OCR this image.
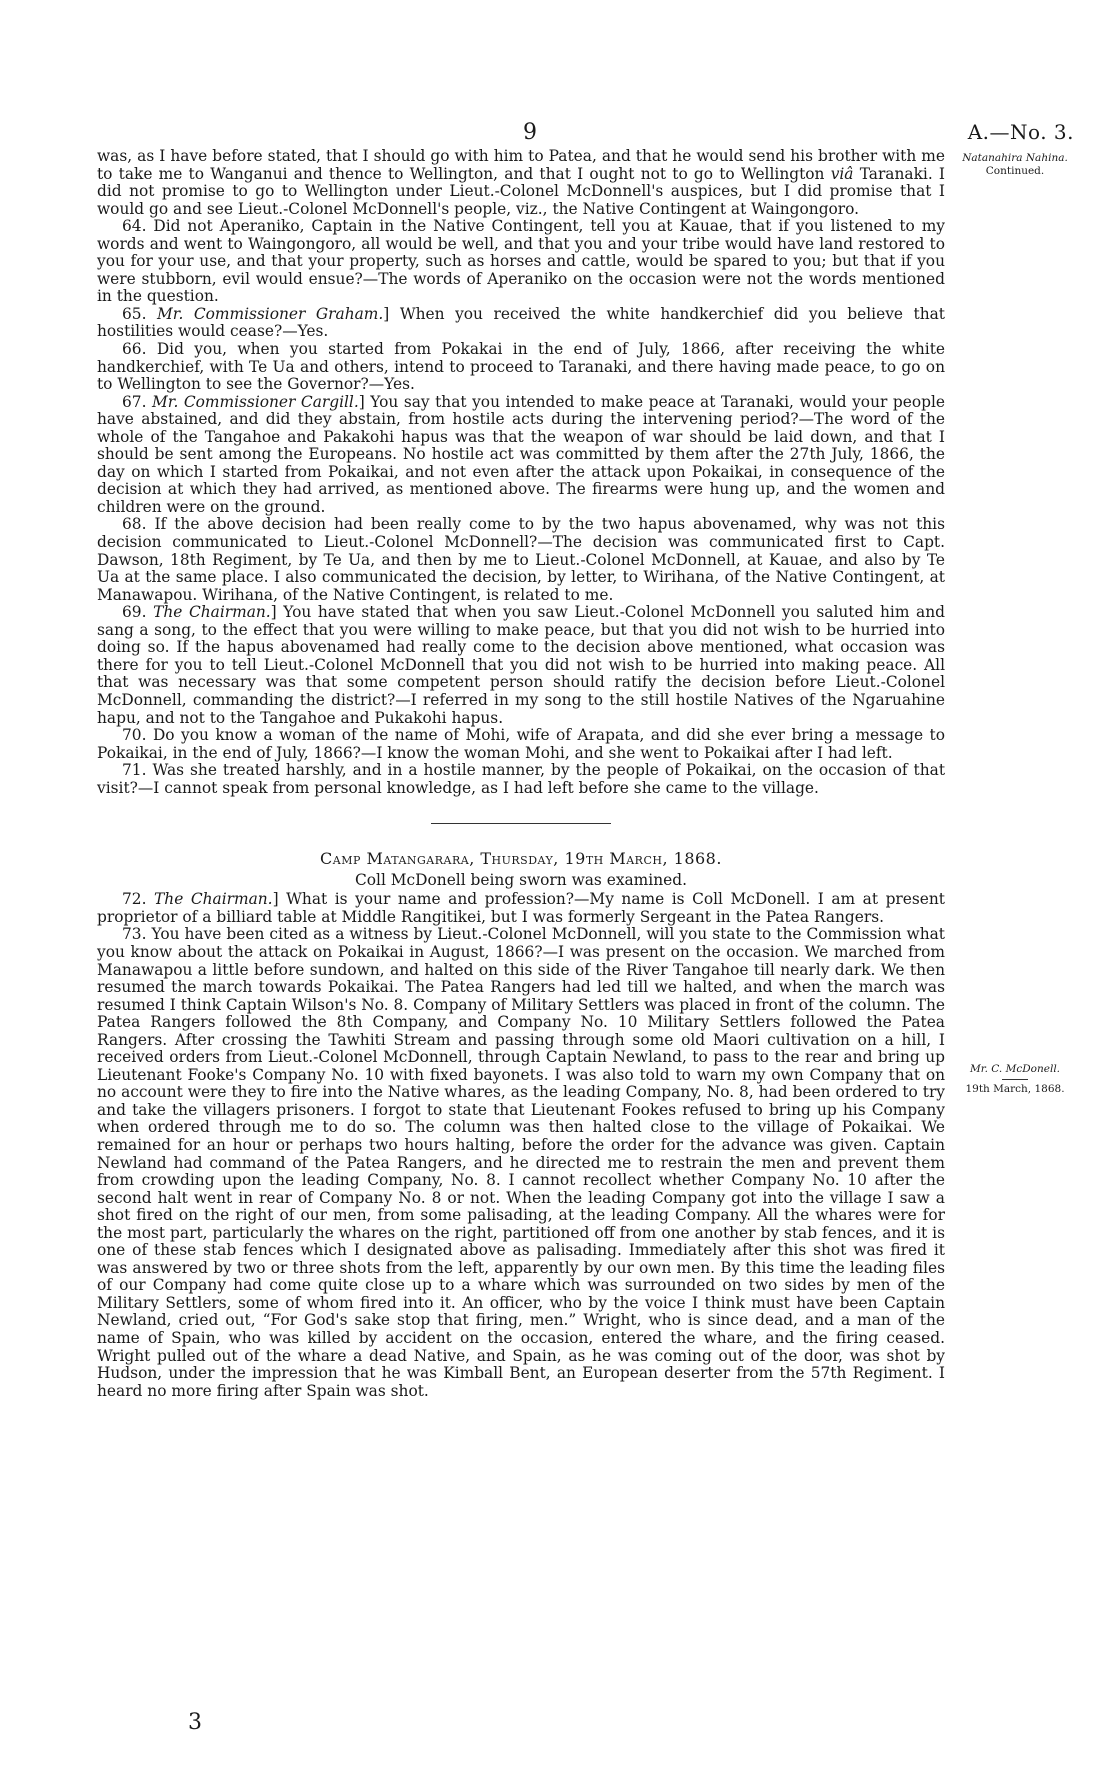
9	A.—No. 3.
Natanahira Nahina.
Continued.
Mr. C. McDonell.
19th March, 1868.

was, as I have before stated, that I should go with him to Patea, and that he would send his brother with me to take me to Wanganui and thence to Wellington, and that I ought not to go to Wellington viâ Taranaki. I did not promise to go to Wellington under Lieut.-Colonel McDonnell's auspices, but I did promise that I would go and see Lieut.-Colonel McDonnell's people, viz., the Native Contingent at Waingongoro.

64. Did not Aperaniko, Captain in the Native Contingent, tell you at Kauae, that if you listened to my words and went to Waingongoro, all would be well, and that you and your tribe would have land restored to you for your use, and that your property, such as horses and cattle, would be spared to you; but that if you were stubborn, evil would ensue?—The words of Aperaniko on the occasion were not the words mentioned in the question.

65. Mr. Commissioner Graham.] When you received the white handkerchief did you believe that hostilities would cease?—Yes.

66. Did you, when you started from Pokakai in the end of July, 1866, after receiving the white handkerchief, with Te Ua and others, intend to proceed to Taranaki, and there having made peace, to go on to Wellington to see the Governor?—Yes.

67. Mr. Commissioner Cargill.] You say that you intended to make peace at Taranaki, would your people have abstained, and did they abstain, from hostile acts during the intervening period?—The word of the whole of the Tangahoe and Pakakohi hapus was that the weapon of war should be laid down, and that I should be sent among the Europeans. No hostile act was committed by them after the 27th July, 1866, the day on which I started from Pokaikai, and not even after the attack upon Pokaikai, in consequence of the decision at which they had arrived, as mentioned above. The firearms were hung up, and the women and children were on the ground.

68. If the above decision had been really come to by the two hapus abovenamed, why was not this decision communicated to Lieut.-Colonel McDonnell?—The decision was communicated first to Capt. Dawson, 18th Regiment, by Te Ua, and then by me to Lieut.-Colonel McDonnell, at Kauae, and also by Te Ua at the same place. I also communicated the decision, by letter, to Wirihana, of the Native Contingent, at Manawapou. Wirihana, of the Native Contingent, is related to me.

69. The Chairman.] You have stated that when you saw Lieut.-Colonel McDonnell you saluted him and sang a song, to the effect that you were willing to make peace, but that you did not wish to be hurried into doing so. If the hapus abovenamed had really come to the decision above mentioned, what occasion was there for you to tell Lieut.-Colonel McDonnell that you did not wish to be hurried into making peace. All that was necessary was that some competent person should ratify the decision before Lieut.-Colonel McDonnell, commanding the district?—I referred in my song to the still hostile Natives of the Ngaruahine hapu, and not to the Tangahoe and Pukakohi hapus.

70. Do you know a woman of the name of Mohi, wife of Arapata, and did she ever bring a message to Pokaikai, in the end of July, 1866?—I know the woman Mohi, and she went to Pokaikai after I had left.

71. Was she treated harshly, and in a hostile manner, by the people of Pokaikai, on the occasion of that visit?—I cannot speak from personal knowledge, as I had left before she came to the village.

Camp Matangarara, Thursday, 19th March, 1868.

Coll McDonell being sworn was examined.

72. The Chairman.] What is your name and profession?—My name is Coll McDonell. I am at present proprietor of a billiard table at Middle Rangitikei, but I was formerly Sergeant in the Patea Rangers.

73. You have been cited as a witness by Lieut.-Colonel McDonnell, will you state to the Commission what you know about the attack on Pokaikai in August, 1866?—I was present on the occasion. We marched from Manawapou a little before sundown, and halted on this side of the River Tangahoe till nearly dark. We then resumed the march towards Pokaikai. The Patea Rangers had led till we halted, and when the march was resumed I think Captain Wilson's No. 8. Company of Military Settlers was placed in front of the column. The Patea Rangers followed the 8th Company, and Company No. 10 Military Settlers followed the Patea Rangers. After crossing the Tawhiti Stream and passing through some old Maori cultivation on a hill, I received orders from Lieut.-Colonel McDonnell, through Captain Newland, to pass to the rear and bring up Lieutenant Fooke's Company No. 10 with fixed bayonets. I was also told to warn my own Company that on no account were they to fire into the Native whares, as the leading Company, No. 8, had been ordered to try and take the villagers prisoners. I forgot to state that Lieutenant Fookes refused to bring up his Company when ordered through me to do so. The column was then halted close to the village of Pokaikai. We remained for an hour or perhaps two hours halting, before the order for the advance was given. Captain Newland had command of the Patea Rangers, and he directed me to restrain the men and prevent them from crowding upon the leading Company, No. 8. I cannot recollect whether Company No. 10 after the second halt went in rear of Company No. 8 or not. When the leading Company got into the village I saw a shot fired on the right of our men, from some palisading, at the leading Company. All the whares were for the most part, particularly the whares on the right, partitioned off from one another by stab fences, and it is one of these stab fences which I designated above as palisading. Immediately after this shot was fired it was answered by two or three shots from the left, apparently by our own men. By this time the leading files of our Company had come quite close up to a whare which was surrounded on two sides by men of the Military Settlers, some of whom fired into it. An officer, who by the voice I think must have been Captain Newland, cried out, “For God's sake stop that firing, men.” Wright, who is since dead, and a man of the name of Spain, who was killed by accident on the occasion, entered the whare, and the firing ceased. Wright pulled out of the whare a dead Native, and Spain, as he was coming out of the door, was shot by Hudson, under the impression that he was Kimball Bent, an European deserter from the 57th Regiment. I heard no more firing after Spain was shot.

3
